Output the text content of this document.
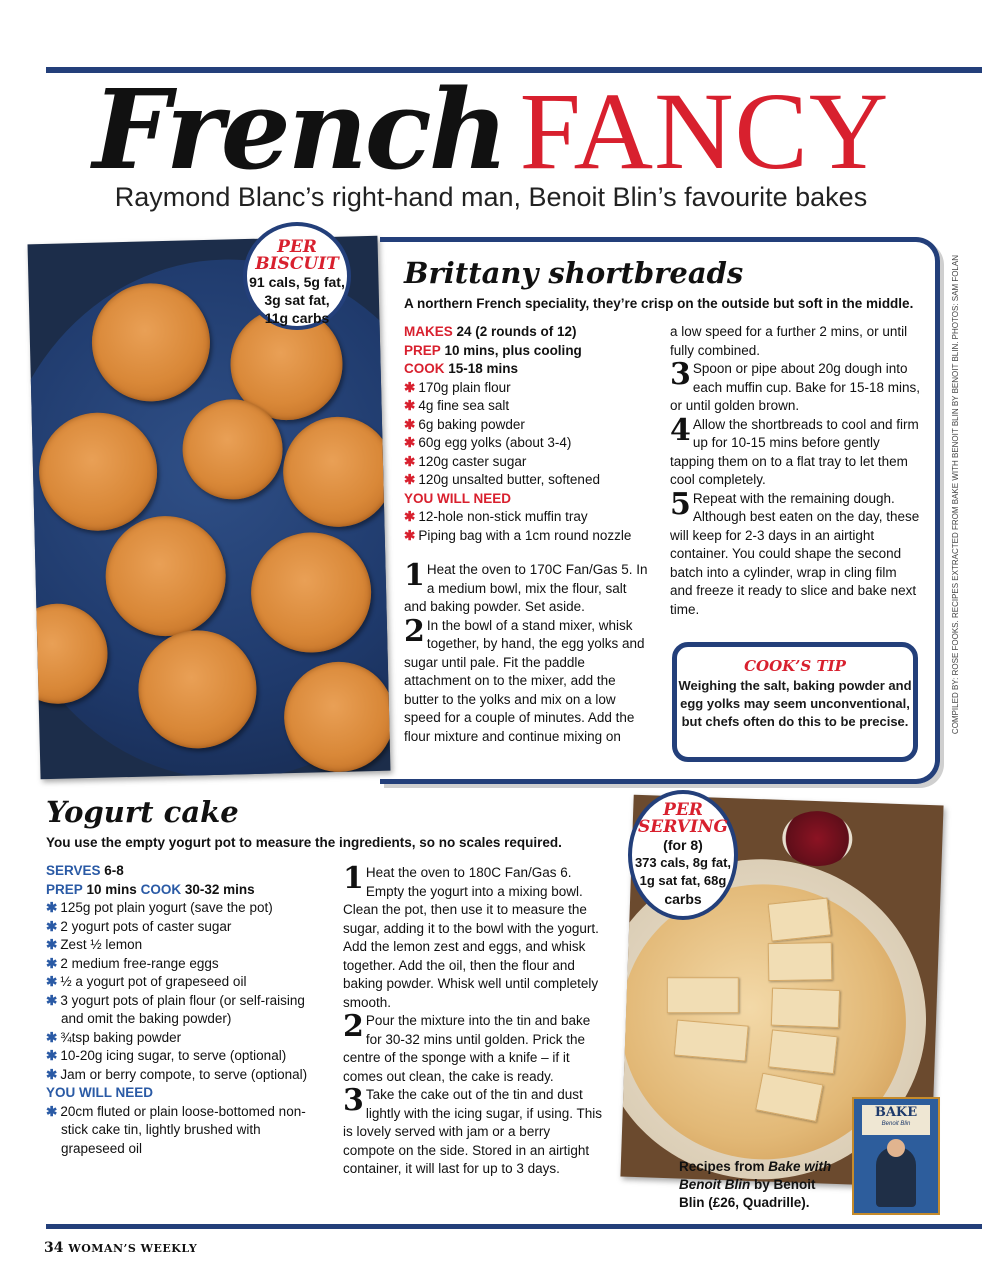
French FANCY
Raymond Blanc’s right-hand man, Benoit Blin’s favourite bakes
PER
BISCUIT
91 cals, 5g fat,
3g sat fat,
11g carbs
Brittany shortbreads
A northern French speciality, they’re crisp on the outside but soft in the middle.

MAKES 24 (2 rounds of 12)

PREP 10 mins, plus cooling

COOK 15-18 mins

✱ 170g plain flour

✱ 4g fine sea salt

✱ 6g baking powder

✱ 60g egg yolks (about 3-4)

✱ 120g caster sugar

✱ 120g unsalted butter, softened

YOU WILL NEED

✱ 12-hole non-stick muffin tray

✱ Piping bag with a 1cm round nozzle

1 Heat the oven to 170C Fan/Gas 5. In a medium bowl, mix the flour, salt and baking powder. Set aside.

2 In the bowl of a stand mixer, whisk together, by hand, the egg yolks and sugar until pale. Fit the paddle attachment on to the mixer, add the butter to the yolks and mix on a low speed for a couple of minutes. Add the flour mixture and continue mixing on

a low speed for a further 2 mins, or until fully combined.

3 Spoon or pipe about 20g dough into each muffin cup. Bake for 15-18 mins, or until golden brown.

4 Allow the shortbreads to cool and firm up for 10-15 mins before gently tapping them on to a flat tray to let them cool completely.

5 Repeat with the remaining dough. Although best eaten on the day, these will keep for 2-3 days in an airtight container. You could shape the second batch into a cylinder, wrap in cling film and freeze it ready to slice and bake next time.

COOK’S TIP
Weighing the salt, baking powder and egg yolks may seem unconventional, but chefs often do this to be precise.	COMPILED BY: ROSE FOOKS. RECIPES EXTRACTED FROM BAKE WITH BENOIT BLIN BY BENOIT BLIN. PHOTOS: SAM FOLAN
Yogurt cake
You use the empty yogurt pot to measure the ingredients, so no scales required.

SERVES 6-8

PREP 10 mins COOK 30-32 mins

✱ 125g pot plain yogurt (save the pot)

✱ 2 yogurt pots of caster sugar

✱ Zest ½ lemon

✱ 2 medium free-range eggs

✱ ½ a yogurt pot of grapeseed oil

✱ 3 yogurt pots of plain flour (or self-raising and omit the baking powder)

✱ ¾tsp baking powder

✱ 10-20g icing sugar, to serve (optional)

✱ Jam or berry compote, to serve (optional)

YOU WILL NEED

✱ 20cm fluted or plain loose-bottomed non-stick cake tin, lightly brushed with grapeseed oil

1 Heat the oven to 180C Fan/Gas 6. Empty the yogurt into a mixing bowl. Clean the pot, then use it to measure the sugar, adding it to the bowl with the yogurt. Add the lemon zest and eggs, and whisk together. Add the oil, then the flour and baking powder. Whisk well until completely smooth.

2 Pour the mixture into the tin and bake for 30-32 mins until golden. Prick the centre of the sponge with a knife – if it comes out clean, the cake is ready.

3 Take the cake out of the tin and dust lightly with the icing sugar, if using. This is lovely served with jam or a berry compote on the side. Stored in an airtight container, it will last for up to 3 days.

PER
SERVING
(for 8)
373 cals, 8g fat,
1g sat fat, 68g
carbs
BAKE
Benoit Blin
Recipes from Bake with Benoit Blin by Benoit Blin (£26, Quadrille).
34 WOMAN’S WEEKLY
